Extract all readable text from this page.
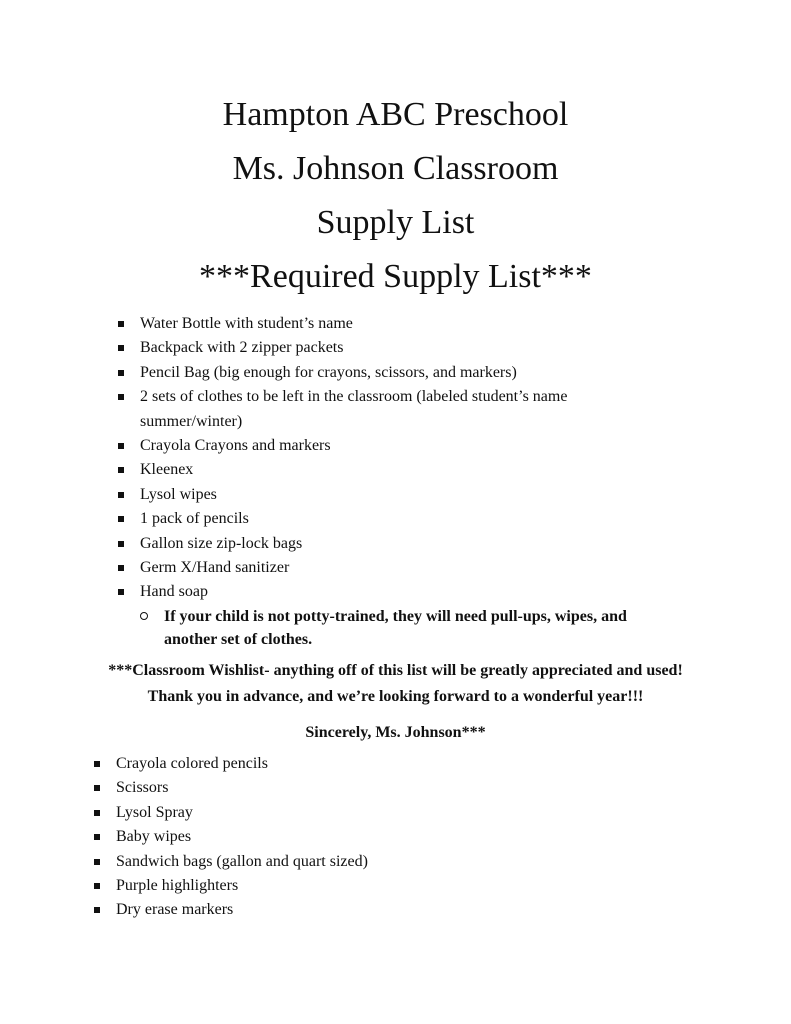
Hampton ABC Preschool
Ms. Johnson Classroom
Supply List
***Required Supply List***
Water Bottle with student’s name
Backpack with 2 zipper packets
Pencil Bag (big enough for crayons, scissors, and markers)
2 sets of clothes to be left in the classroom (labeled student’s name summer/winter)
Crayola Crayons and markers
Kleenex
Lysol wipes
1 pack of pencils
Gallon size zip-lock bags
Germ X/Hand sanitizer
Hand soap
If your child is not potty-trained, they will need pull-ups, wipes, and another set of clothes.

***Classroom Wishlist- anything off of this list will be greatly appreciated and used!

Thank you in advance, and we’re looking forward to a wonderful year!!!

Sincerely, Ms. Johnson***

Crayola colored pencils
Scissors
Lysol Spray
Baby wipes
Sandwich bags (gallon and quart sized)
Purple highlighters
Dry erase markers
